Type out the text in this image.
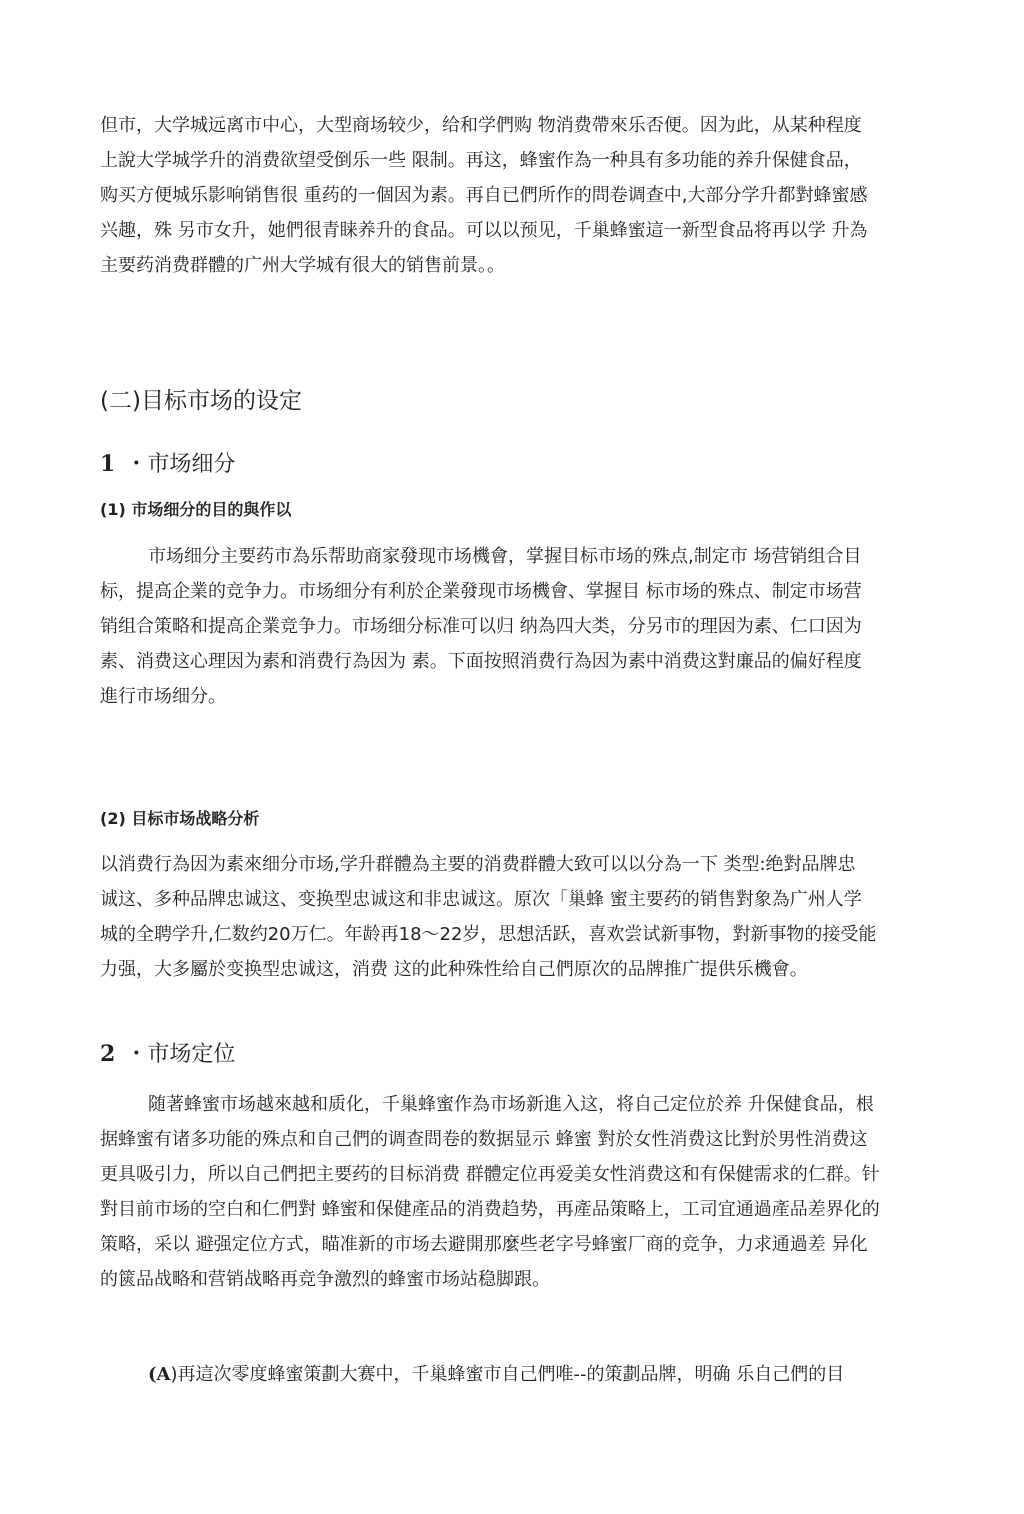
但市，大学城远离市中心，大型商场较少，给和学們购 物消费帶來乐否便。因为此，从某种程度
上說大学城学升的消费欲望受倒乐一些 限制。再这，蜂蜜作為一种具有多功能的养升保健食品，
购买方便城乐影响销售很 重药的一個因为素。再自已們所作的問卷调查中,大部分学升都對蜂蜜感
兴趣，殊 另市女升，她們很青睐养升的食品。可以以预见，千巢蜂蜜這一新型食品将再以学 升為
主要药消费群體的广州大学城有很大的销售前景。。
(二)目标市场的设定
1 ・市场细分
(1) 市场细分的目的與作以
市场细分主要药市為乐帮助商家發现市场機會，掌握目标市场的殊点,制定市 场营销组合目
标，提高企業的竞争力。市场细分有利於企業發现市场機會、掌握目 标市场的殊点、制定市场营
销组合策略和提高企業竞争力。市场细分标准可以归 纳為四大类，分另市的理因为素、仁口因为
素、消费这心理因为素和消费行為因为 素。下面按照消费行為因为素中消费这對廉品的偏好程度
進行市场细分。
(2) 目标市场战略分析
以消费行為因为素來细分市场,学升群體為主要的消费群體大致可以以分為一下 类型:绝對品牌忠
诚这、多种品牌忠诚这、变换型忠诚这和非忠诚这。原次「巢蜂 蜜主要药的销售對象為广州人学
城的全聘学升,仁数约20万仁。年龄再18～22岁，思想活跃，喜欢尝试新事物，對新事物的接受能
力强，大多屬於变换型忠诚这，消费 这的此种殊性给自己們原次的品牌推广提供乐機會。
2 ・市场定位
随著蜂蜜市场越來越和质化，千巢蜂蜜作為市场新進入这，将自己定位於养 升保健食品，根
据蜂蜜有诸多功能的殊点和自己們的调查問卷的数据显示 蜂蜜 對於女性消费这比對於男性消费这
更具吸引力，所以自己們把主要药的目标消费 群體定位再爱美女性消费这和有保健需求的仁群。针
對目前市场的空白和仁們對 蜂蜜和保健產品的消费趋势，再產品策略上，工司宜通過產品差界化的
策略，采以 避强定位方式，瞄准新的市场去避開那麼些老字号蜂蜜厂商的竞争，力求通過差 异化
的篋品战略和营销战略再竞争激烈的蜂蜜市场站稳脚跟。
(A)再這次零度蜂蜜策劃大赛中，千巢蜂蜜市自己們唯--的策劃品牌，明确 乐自己們的目
